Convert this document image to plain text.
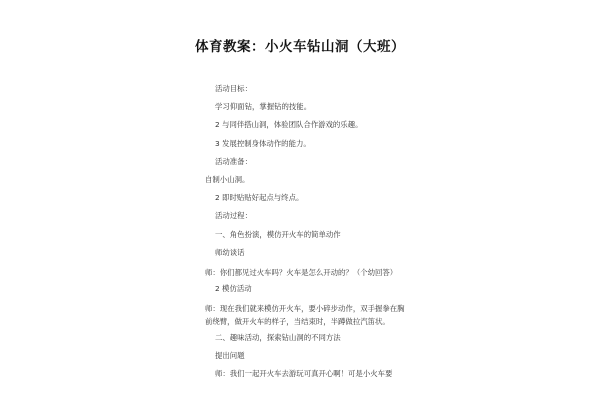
体育教案：小火车钻山洞（大班）
活动目标：
学习仰面钻，掌握钻的技能。
2 与同伴搭山洞，体验团队合作游戏的乐趣。
3 发展控制身体动作的能力。
活动准备：
自制小山洞。
2 即时贴贴好起点与终点。
活动过程：
一、角色扮演，模仿开火车的简单动作
师幼谈话
师：你们都见过火车吗？火车是怎么开动的？（个幼回答）
2 模仿活动
师：现在我们就来模仿开火车，要小碎步动作，双手握拳在胸前绕臂，做开火车的样子，当结束时，半蹲做拉汽笛状。
二、趣味活动，探索钻山洞的不同方法
提出问题
师：我们一起开火车去游玩可真开心啊！可是小火车要
